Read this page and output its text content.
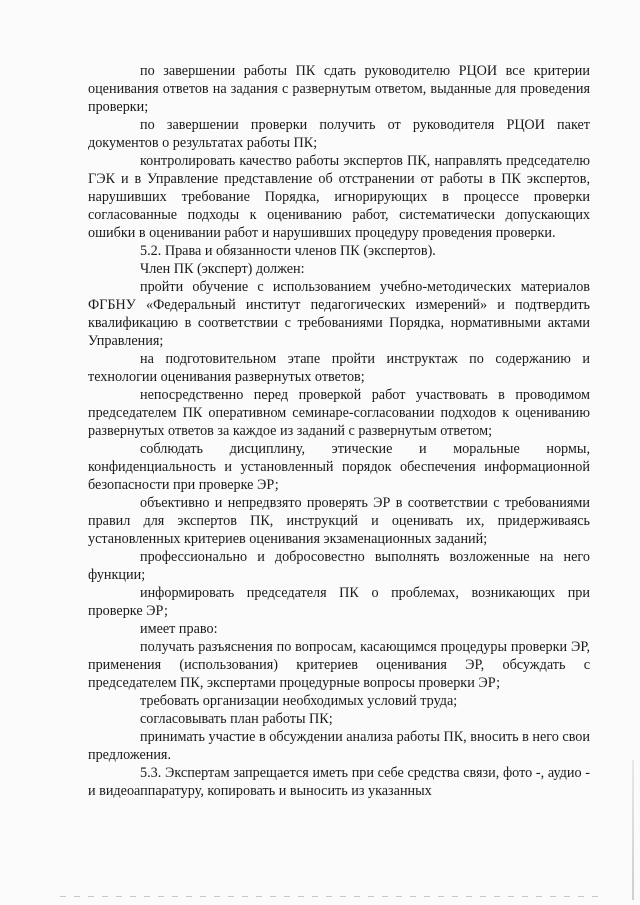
по завершении работы ПК сдать руководителю РЦОИ все критерии оценивания ответов на задания с развернутым ответом, выданные для проведения проверки;

по завершении проверки получить от руководителя РЦОИ пакет документов о результатах работы ПК;

контролировать качество работы экспертов ПК, направлять председателю ГЭК и в Управление представление об отстранении от работы в ПК экспертов, нарушивших требование Порядка, игнорирующих в процессе проверки согласованные подходы к оцениванию работ, систематически допускающих ошибки в оценивании работ и нарушивших процедуру проведения проверки.

5.2. Права и обязанности членов ПК (экспертов).

Член ПК (эксперт) должен:

пройти обучение с использованием учебно-методических материалов ФГБНУ «Федеральный институт педагогических измерений» и подтвердить квалификацию в соответствии с требованиями Порядка, нормативными актами Управления;

на подготовительном этапе пройти инструктаж по содержанию и технологии оценивания развернутых ответов;

непосредственно перед проверкой работ участвовать в проводимом председателем ПК оперативном семинаре-согласовании подходов к оцениванию развернутых ответов за каждое из заданий с развернутым ответом;

соблюдать дисциплину, этические и моральные нормы, конфиденциальность и установленный порядок обеспечения информационной безопасности при проверке ЭР;

объективно и непредвзято проверять ЭР в соответствии с требованиями правил для экспертов ПК, инструкций и оценивать их, придерживаясь установленных критериев оценивания экзаменационных заданий;

профессионально и добросовестно выполнять возложенные на него функции;

информировать председателя ПК о проблемах, возникающих при проверке ЭР;

имеет право:

получать разъяснения по вопросам, касающимся процедуры проверки ЭР, применения (использования) критериев оценивания ЭР, обсуждать с председателем ПК, экспертами процедурные вопросы проверки ЭР;

требовать организации необходимых условий труда;

согласовывать план работы ПК;

принимать участие в обсуждении анализа работы ПК, вносить в него свои предложения.

5.3. Экспертам запрещается иметь при себе средства связи, фото -, аудио - и видеоаппаратуру, копировать и выносить из указанных
